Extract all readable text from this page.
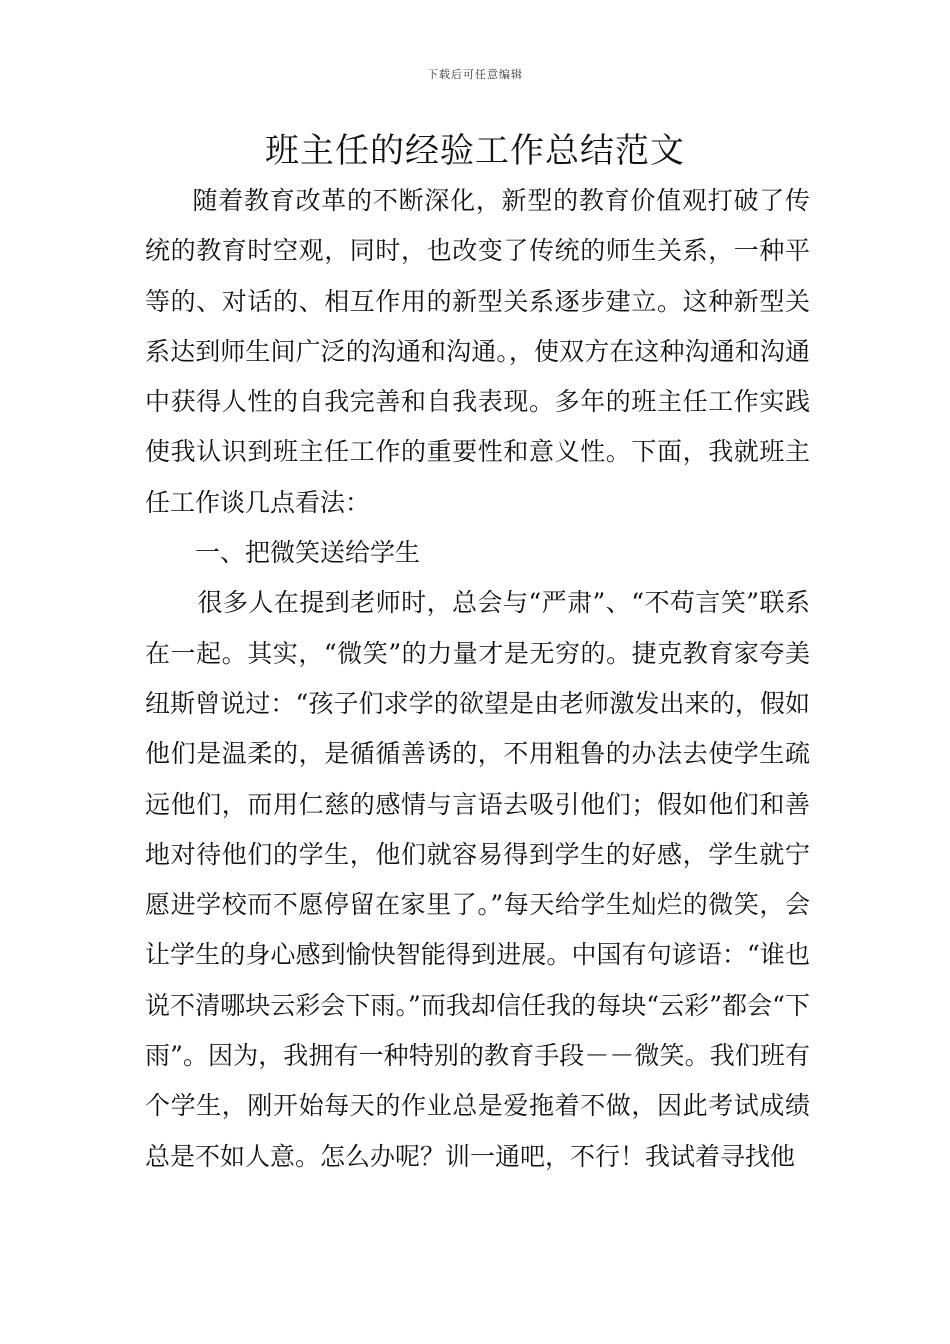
下载后可任意编辑
班主任的经验工作总结范文

随着教育改革的不断深化，新型的教育价值观打破了传统的教育时空观，同时，也改变了传统的师生关系，一种平等的、对话的、相互作用的新型关系逐步建立。这种新型关系达到师生间广泛的沟通和沟通。，使双方在这种沟通和沟通中获得人性的自我完善和自我表现。多年的班主任工作实践使我认识到班主任工作的重要性和意义性。下面，我就班主任工作谈几点看法：

一、把微笑送给学生

很多人在提到老师时，总会与“严肃”、“不苟言笑”联系在一起。其实，“微笑”的力量才是无穷的。捷克教育家夸美纽斯曾说过：“孩子们求学的欲望是由老师激发出来的，假如他们是温柔的，是循循善诱的，不用粗鲁的办法去使学生疏远他们，而用仁慈的感情与言语去吸引他们；假如他们和善地对待他们的学生，他们就容易得到学生的好感，学生就宁愿进学校而不愿停留在家里了。”每天给学生灿烂的微笑，会让学生的身心感到愉快智能得到进展。中国有句谚语：“谁也说不清哪块云彩会下雨。”而我却信任我的每块“云彩”都会“下雨”。因为，我拥有一种特别的教育手段－－微笑。我们班有个学生，刚开始每天的作业总是爱拖着不做，因此考试成绩总是不如人意。怎么办呢？训一通吧，不行！我试着寻找他
